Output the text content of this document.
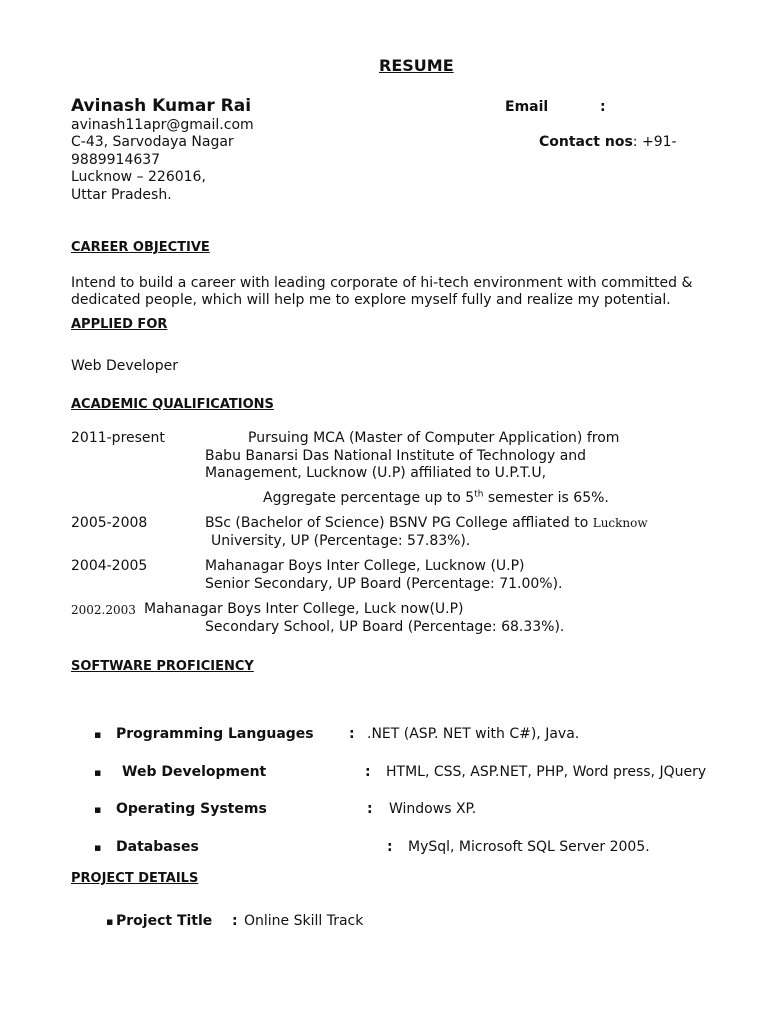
RESUME
Avinash Kumar Rai	Email	:
avinash11apr@gmail.com
C-43, Sarvodaya Nagar	Contact nos: +91-
9889914637
Lucknow – 226016,
Uttar Pradesh.
CAREER OBJECTIVE
Intend to build a career with leading corporate of hi-tech environment with committed &
dedicated people, which will help me to explore myself fully and realize my potential.
APPLIED FOR
Web Developer
ACADEMIC QUALIFICATIONS
2011-present	Pursuing MCA (Master of Computer Application) from
Babu Banarsi Das National Institute of Technology and
Management, Lucknow (U.P) affiliated to U.P.T.U,
Aggregate percentage up to 5th semester is 65%.
2005-2008	BSc (Bachelor of Science) BSNV PG College affliated to Lucknow
University, UP (Percentage: 57.83%).
2004-2005	Mahanagar Boys Inter College, Lucknow (U.P)
Senior Secondary, UP Board (Percentage: 71.00%).
2002.2003 Mahanagar Boys Inter College, Luck now(U.P)
Secondary School, UP Board (Percentage: 68.33%).
SOFTWARE PROFICIENCY
▪ Programming Languages	: .NET (ASP. NET with C#), Java.
▪ Web Development	: HTML, CSS, ASP.NET, PHP, Word press, JQuery
▪ Operating Systems	: Windows XP.
▪ Databases	: MySql, Microsoft SQL Server 2005.
PROJECT DETAILS
▪ Project Title : Online Skill Track
